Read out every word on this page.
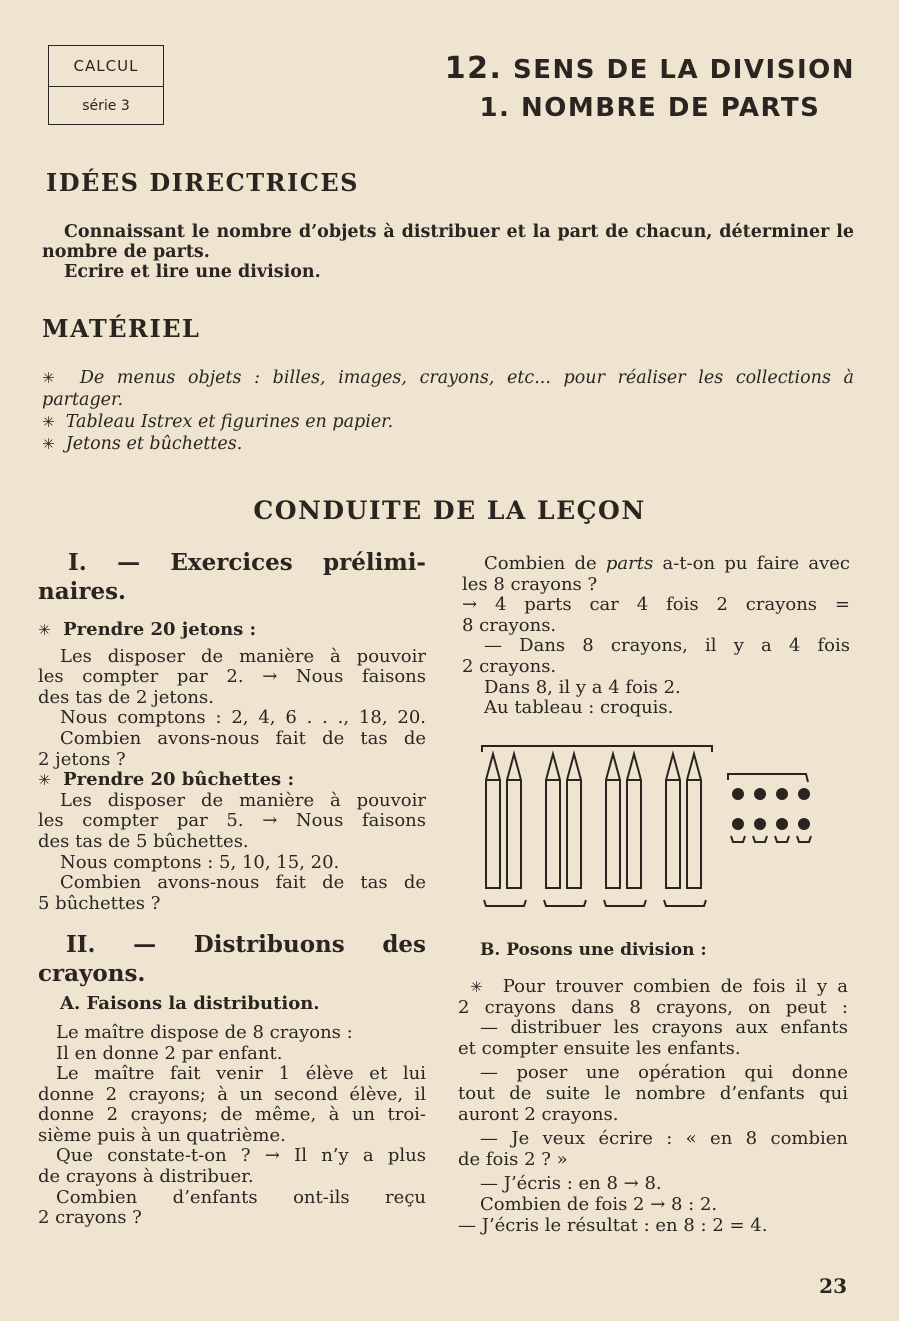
CALCUL
série 3
12. SENS DE LA DIVISION
1. NOMBRE DE PARTS
IDÉES DIRECTRICES
Connaissant le nombre d’objets à distribuer et la part de chacun, déterminer le
nombre de parts.
Ecrire et lire une division.
MATÉRIEL
✳ De menus objets : billes, images, crayons, etc... pour réaliser les collections à
partager.
✳ Tableau Istrex et figurines en papier.
✳ Jetons et bûchettes.
CONDUITE DE LA LEÇON
I. — Exercices prélimi-
naires.
✳ Prendre 20 jetons :
Les disposer de manière à pouvoir
les compter par 2. → Nous faisons
des tas de 2 jetons.
Nous comptons : 2, 4, 6 . . ., 18, 20.
Combien avons-nous fait de tas de
2 jetons ?
✳ Prendre 20 bûchettes :
Les disposer de manière à pouvoir
les compter par 5. → Nous faisons
des tas de 5 bûchettes.
Nous comptons : 5, 10, 15, 20.
Combien avons-nous fait de tas de
5 bûchettes ?
II. — Distribuons des
crayons.
A. Faisons la distribution.
Le maître dispose de 8 crayons :
Il en donne 2 par enfant.
Le maître fait venir 1 élève et lui
donne 2 crayons; à un second élève, il
donne 2 crayons; de même, à un troi-
sième puis à un quatrième.
Que constate-t-on ? → Il n’y a plus
de crayons à distribuer.
Combien d’enfants ont-ils reçu
2 crayons ?
Combien de parts a-t-on pu faire avec
les 8 crayons ?
→ 4 parts car 4 fois 2 crayons =
8 crayons.
— Dans 8 crayons, il y a 4 fois
2 crayons.
Dans 8, il y a 4 fois 2.
Au tableau : croquis.
B. Posons une division :
✳ Pour trouver combien de fois il y a
2 crayons dans 8 crayons, on peut :
— distribuer les crayons aux enfants
et compter ensuite les enfants.
— poser une opération qui donne
tout de suite le nombre d’enfants qui
auront 2 crayons.
— Je veux écrire : « en 8 combien
de fois 2 ? »
— J’écris : en 8 → 8.
Combien de fois 2 → 8 : 2.
— J’écris le résultat : en 8 : 2 = 4.
23
